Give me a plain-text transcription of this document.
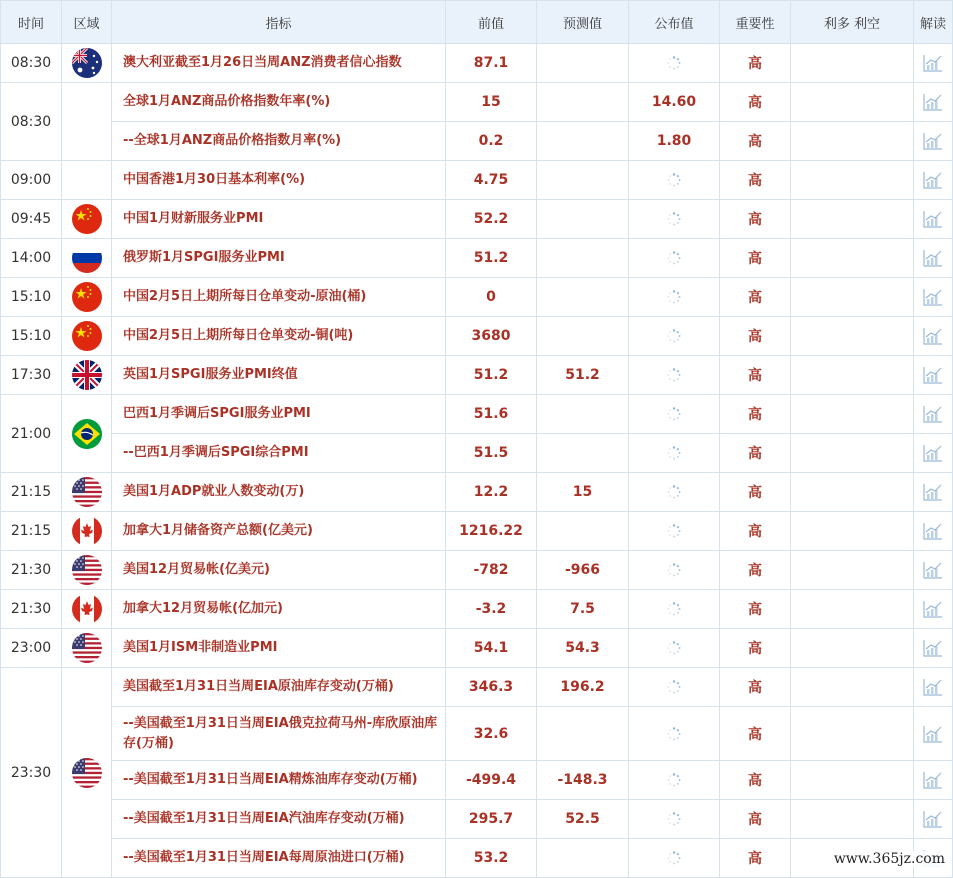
时间	区域	指标	前值	预测值	公布值	重要性	利多 利空	解读
08:30		澳大利亚截至1月26日当周ANZ消费者信心指数	87.1			高		
08:30		全球1月ANZ商品价格指数年率(%)	15		14.60	高		
		--全球1月ANZ商品价格指数月率(%)	0.2		1.80	高		
09:00		中国香港1月30日基本利率(%)	4.75			高		
09:45		中国1月财新服务业PMI	52.2			高		
14:00		俄罗斯1月SPGI服务业PMI	51.2			高		
15:10		中国2月5日上期所每日仓单变动-原油(桶)	0			高		
15:10		中国2月5日上期所每日仓单变动-铜(吨)	3680			高		
17:30		英国1月SPGI服务业PMI终值	51.2	51.2		高		
21:00		巴西1月季调后SPGI服务业PMI	51.6			高		
		--巴西1月季调后SPGI综合PMI	51.5			高		
21:15		美国1月ADP就业人数变动(万)	12.2	15		高		
21:15		加拿大1月储备资产总额(亿美元)	1216.22			高		
21:30		美国12月贸易帐(亿美元)	-782	-966		高		
21:30		加拿大12月贸易帐(亿加元)	-3.2	7.5		高		
23:00		美国1月ISM非制造业PMI	54.1	54.3		高		
23:30		美国截至1月31日当周EIA原油库存变动(万桶)	346.3	196.2		高		
		--美国截至1月31日当周EIA俄克拉荷马州-库欣原油库存(万桶)	32.6			高		
		--美国截至1月31日当周EIA精炼油库存变动(万桶)	-499.4	-148.3		高		
		--美国截至1月31日当周EIA汽油库存变动(万桶)	295.7	52.5		高		
		--美国截至1月31日当周EIA每周原油进口(万桶)	53.2			高			www.365jz.com
